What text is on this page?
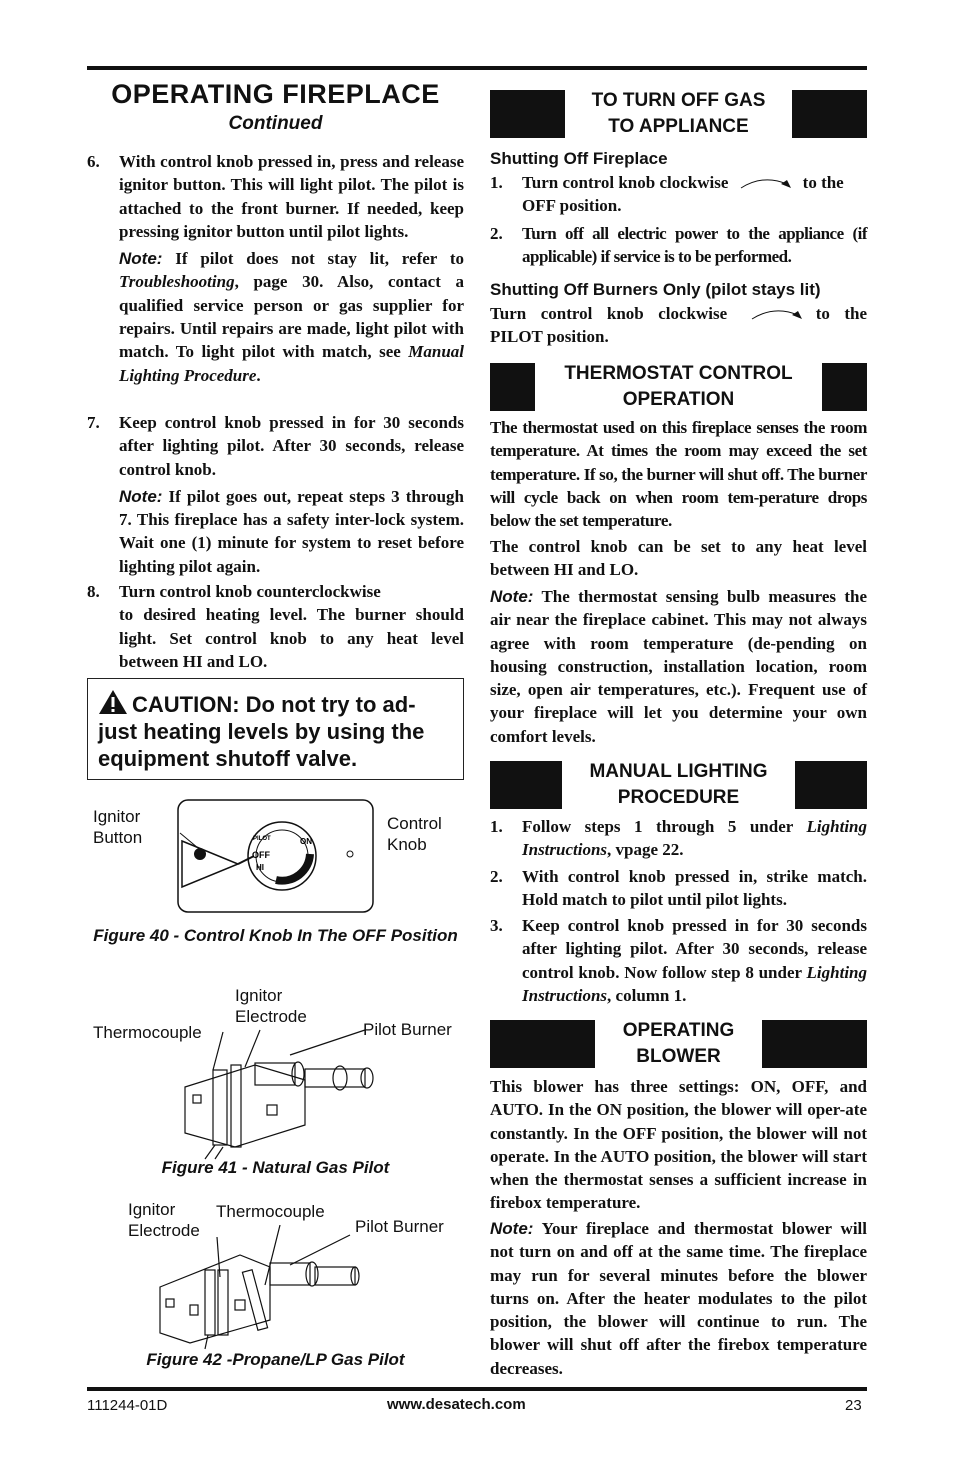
OPERATING FIREPLACE
Continued

6.	With control knob pressed in, press and release ignitor button. This will light pilot. The pilot is attached to the front burner. If needed, keep pressing ignitor button until pilot lights.

Note: If pilot does not stay lit, refer to Troubleshooting, page 30. Also, contact a qualified service person or gas supplier for repairs. Until repairs are made, light pilot with match. To light pilot with match, see Manual Lighting Procedure.

7.	Keep control knob pressed in for 30 seconds after lighting pilot. After 30 seconds, release control knob.

Note: If pilot goes out, repeat steps 3 through 7. This fireplace has a safety inter-lock system. Wait one (1) minute for system to reset before lighting pilot again.

8.	Turn control knob counterclockwise

to desired heating level. The burner should light. Set control knob to any heat level between HI and LO.

CAUTION: Do not try to ad-just heating levels by using the equipment shutoff valve.
Ignitor Button
Control Knob
PILOT
OFF
HI
ON
Figure 40 - Control Knob In The OFF Position
Ignitor Electrode
Thermocouple	Pilot Burner
Figure 41 - Natural Gas Pilot
Ignitor Electrode
Thermocouple
Pilot Burner
Figure 42 -Propane/LP Gas Pilot
TO TURN OFF GAS
TO APPLIANCE
Shutting Off Fireplace

1.	Turn control knob clockwise	to the OFF position.

2.	Turn off all electric power to the appliance (if applicable) if service is to be performed.

Shutting Off Burners Only (pilot stays lit)

Turn control knob clockwise	to the PILOT position.

THERMOSTAT CONTROL
OPERATION

The thermostat used on this fireplace senses the room temperature. At times the room may exceed the set temperature. If so, the burner will shut off. The burner will cycle back on when room tem-perature drops below the set temperature.

The control knob can be set to any heat level between HI and LO.

Note: The thermostat sensing bulb measures the air near the fireplace cabinet. This may not always agree with room temperature (de-pending on housing construction, installation location, room size, open air temperatures, etc.). Frequent use of your fireplace will let you determine your own comfort levels.

MANUAL LIGHTING
PROCEDURE

1.	Follow steps 1 through 5 under Lighting Instructions, vpage 22.

2.	With control knob pressed in, strike match. Hold match to pilot until pilot lights.

3.	Keep control knob pressed in for 30 seconds after lighting pilot. After 30 seconds, release control knob. Now follow step 8 under Lighting Instructions, column 1.

OPERATING
BLOWER

This blower has three settings: ON, OFF, and AUTO. In the ON position, the blower will oper-ate constantly. In the OFF position, the blower will not operate. In the AUTO position, the blower will start when the thermostat senses a sufficient increase in firebox temperature.

Note: Your fireplace and thermostat blower will not turn on and off at the same time. The fireplace may run for several minutes before the blower turns on. After the heater modulates to the pilot position, the blower will continue to run. The blower will shut off after the firebox temperature decreases.

111244-01D	www.desatech.com	23
